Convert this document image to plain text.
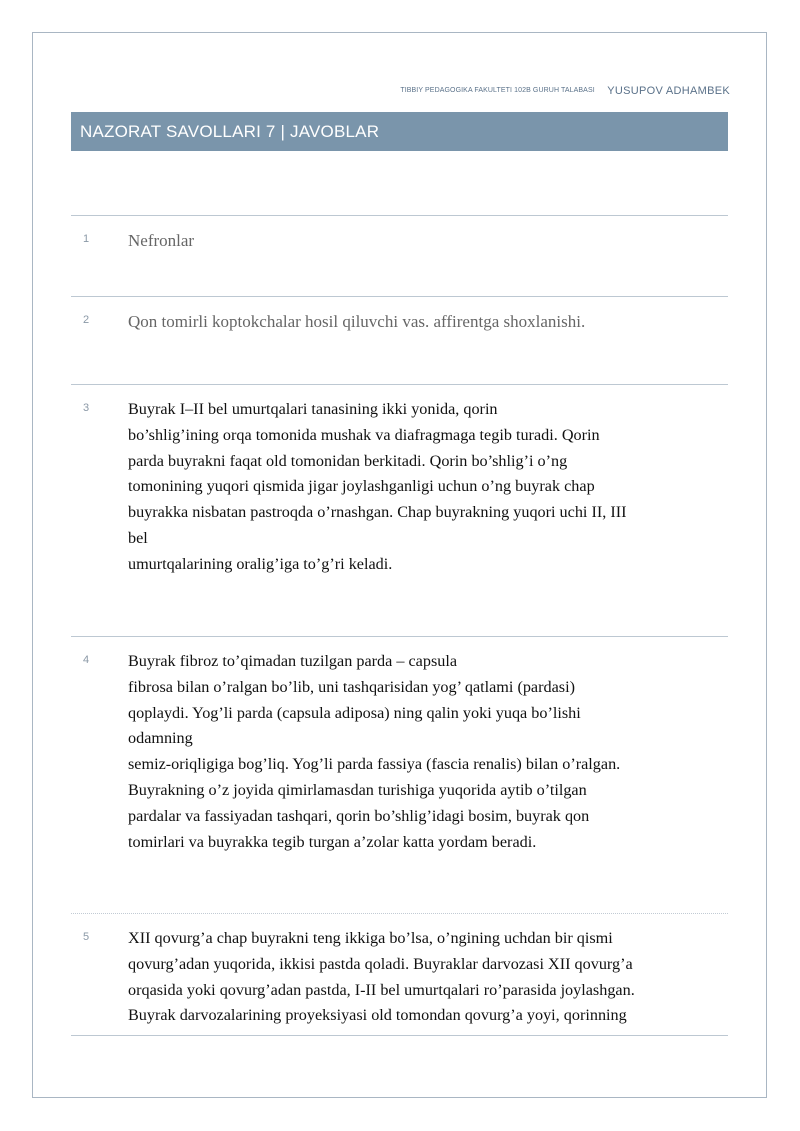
TIBBIY PEDAGOGIKA FAKULTETI 102B GURUH TALABASI YUSUPOV ADHAMBEK
NAZORAT SAVOLLARI 7 | JAVOBLAR
1 Nefronlar
2 Qon tomirli koptokchalar hosil qiluvchi vas. affirentga shoxlanishi.
3 Buyrak I–II bel umurtqalari tanasining ikki yonida, qorin
bo’shlig’ining orqa tomonida mushak va diafragmaga tegib turadi. Qorin
parda buyrakni faqat old tomonidan berkitadi. Qorin bo’shlig’i o’ng
tomonining yuqori qismida jigar joylashganligi uchun o’ng buyrak chap
buyrakka nisbatan pastroqda o’rnashgan. Chap buyrakning yuqori uchi II, III
bel
umurtqalarining oralig’iga to’g’ri keladi.
4 Buyrak fibroz to’qimadan tuzilgan parda – capsula
fibrosa bilan o’ralgan bo’lib, uni tashqarisidan yog’ qatlami (pardasi)
qoplaydi. Yog’li parda (capsula adiposa) ning qalin yoki yuqa bo’lishi
odamning
semiz-oriqligiga bog’liq. Yog’li parda fassiya (fascia renalis) bilan o’ralgan.
Buyrakning o’z joyida qimirlamasdan turishiga yuqorida aytib o’tilgan
pardalar va fassiyadan tashqari, qorin bo’shlig’idagi bosim, buyrak qon
tomirlari va buyrakka tegib turgan a’zolar katta yordam beradi.
5 XII qovurg’a chap buyrakni teng ikkiga bo’lsa, o’ngining uchdan bir qismi
qovurg’adan yuqorida, ikkisi pastda qoladi. Buyraklar darvozasi XII qovurg’a
orqasida yoki qovurg’adan pastda, I-II bel umurtqalari ro’parasida joylashgan.
Buyrak darvozalarining proyeksiyasi old tomondan qovurg’a yoyi, qorinning
